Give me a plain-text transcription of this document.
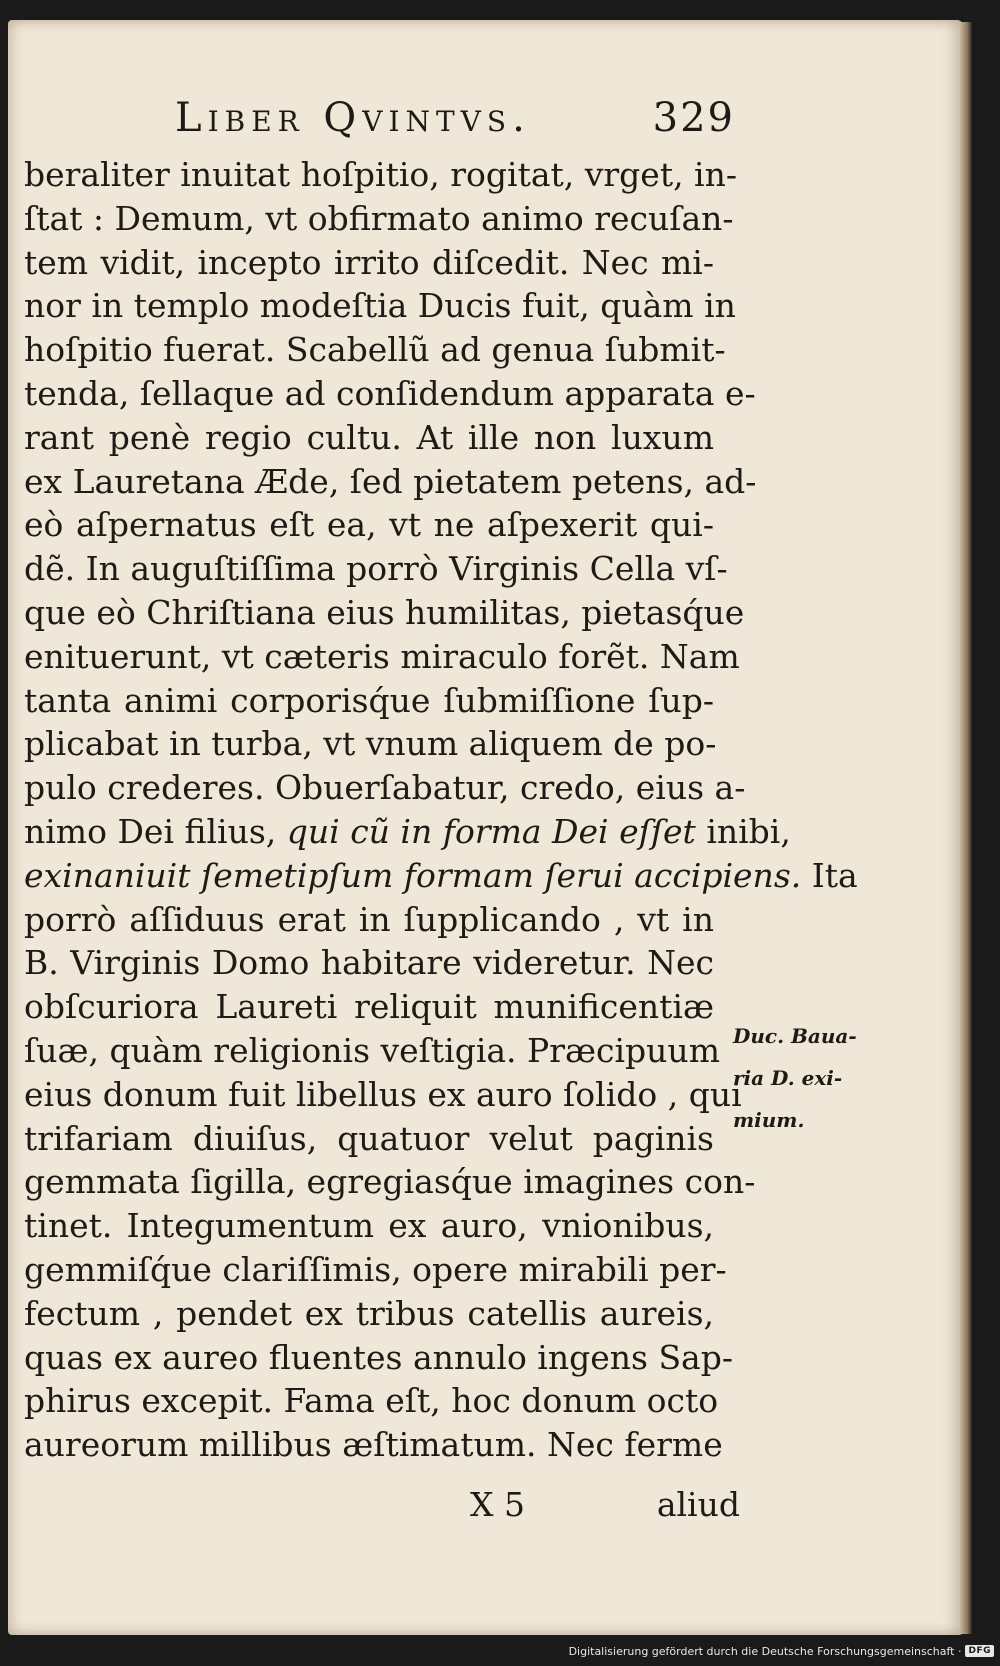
Liber Qvintvs.	329
beraliter inuitat hoſpitio, rogitat, vrget, in-
ſtat : Demum, vt obfirmato animo recuſan-
tem vidit, incepto irrito diſcedit. Nec mi-
nor in templo modeſtia Ducis fuit, quàm in
hoſpitio fuerat. Scabellũ ad genua ſubmit-
tenda, ſellaque ad conſidendum apparata e-
rant penè regio cultu. At ille non luxum
ex Lauretana Æde, ſed pietatem petens, ad-
eò aſpernatus eſt ea, vt ne aſpexerit qui-
dẽ. In auguſtiſſima porrò Virginis Cella vſ-
que eò Chriſtiana eius humilitas, pietasq́ue
enituerunt, vt cæteris miraculo forẽt. Nam
tanta animi corporisq́ue ſubmiſſione ſup-
plicabat in turba, vt vnum aliquem de po-
pulo crederes. Obuerſabatur, credo, eius a-
nimo Dei filius, qui cũ in forma Dei eſſet inibi,
exinaniuit ſemetipſum formam ſerui accipiens. Ita
porrò aſſiduus erat in ſupplicando , vt in
B. Virginis Domo habitare videretur. Nec
obſcuriora Laureti reliquit munificentiæ
ſuæ, quàm religionis veſtigia. Præcipuum
eius donum fuit libellus ex auro ſolido , qui
trifariam diuiſus, quatuor velut paginis
gemmata ſigilla, egregiasq́ue imagines con-
tinet. Integumentum ex auro, vnionibus,
gemmiſq́ue clariſſimis, opere mirabili per-
fectum , pendet ex tribus catellis aureis,
quas ex aureo fluentes annulo ingens Sap-
phirus excepit. Fama eſt, hoc donum octo
aureorum millibus æſtimatum. Nec ferme
Duc. Baua-
ria D. exi-
mium.
X 5	aliud
Digitalisierung gefördert durch die Deutsche Forschungsgemeinschaft · DFG
